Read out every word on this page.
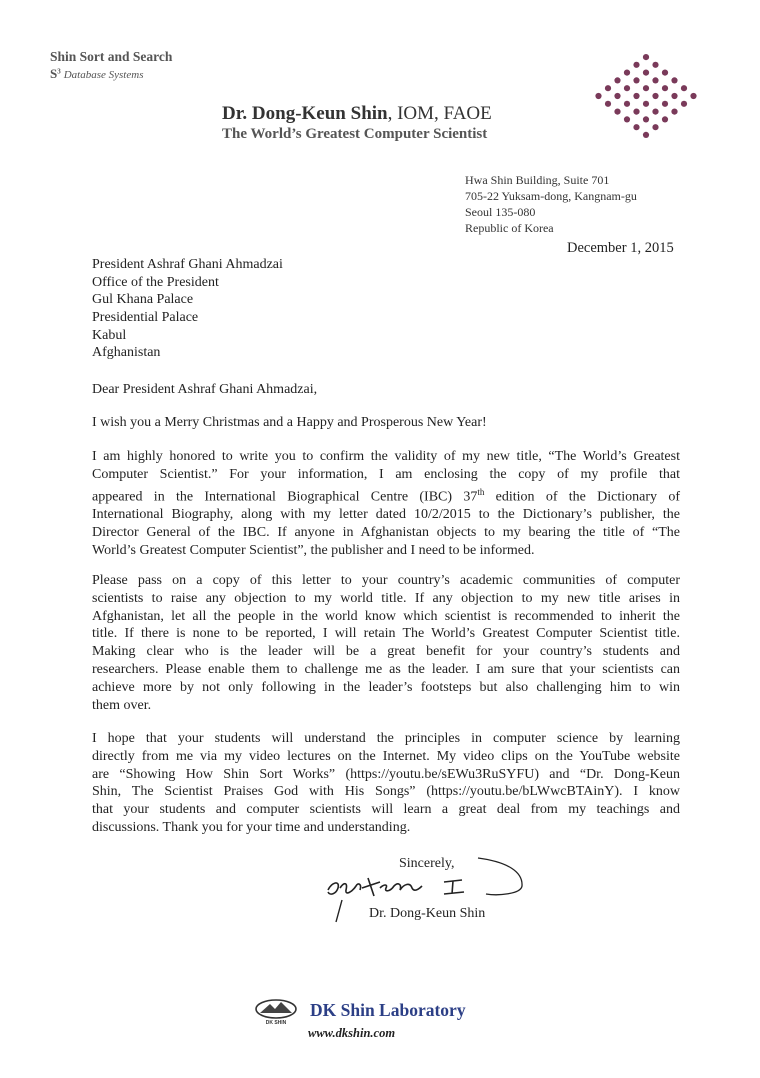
Shin Sort and Search
$S^3$ Database Systems
Dr. Dong-Keun Shin, IOM, FAOE
The World’s Greatest Computer Scientist
Hwa Shin Building, Suite 701
705-22 Yuksam-dong, Kangnam-gu
Seoul 135-080
Republic of Korea
December 1, 2015
President Ashraf Ghani Ahmadzai
Office of the President
Gul Khana Palace
Presidential Palace
Kabul
Afghanistan
Dear President Ashraf Ghani Ahmadzai,
I wish you a Merry Christmas and a Happy and Prosperous New Year!
I am highly honored to write you to confirm the validity of my new title, “The World’s Greatest
Computer Scientist.” For your information, I am enclosing the copy of my profile that
appeared in the International Biographical Centre (IBC) 37th edition of the Dictionary of
International Biography, along with my letter dated 10/2/2015 to the Dictionary’s publisher, the
Director General of the IBC. If anyone in Afghanistan objects to my bearing the title of “The
World’s Greatest Computer Scientist”, the publisher and I need to be informed.
Please pass on a copy of this letter to your country’s academic communities of computer
scientists to raise any objection to my world title. If any objection to my new title arises in
Afghanistan, let all the people in the world know which scientist is recommended to inherit the
title. If there is none to be reported, I will retain The World’s Greatest Computer Scientist title.
Making clear who is the leader will be a great benefit for your country’s students and
researchers. Please enable them to challenge me as the leader. I am sure that your scientists can
achieve more by not only following in the leader’s footsteps but also challenging him to win
them over.
I hope that your students will understand the principles in computer science by learning
directly from me via my video lectures on the Internet. My video clips on the YouTube website
are “Showing How Shin Sort Works” (https://youtu.be/sEWu3RuSYFU) and “Dr. Dong-Keun
Shin, The Scientist Praises God with His Songs” (https://youtu.be/bLWwcBTAinY). I know
that your students and computer scientists will learn a great deal from my teachings and
discussions. Thank you for your time and understanding.
Sincerely,
Dr. Dong-Keun Shin
DK SHIN
DK Shin Laboratory
www.dkshin.com
